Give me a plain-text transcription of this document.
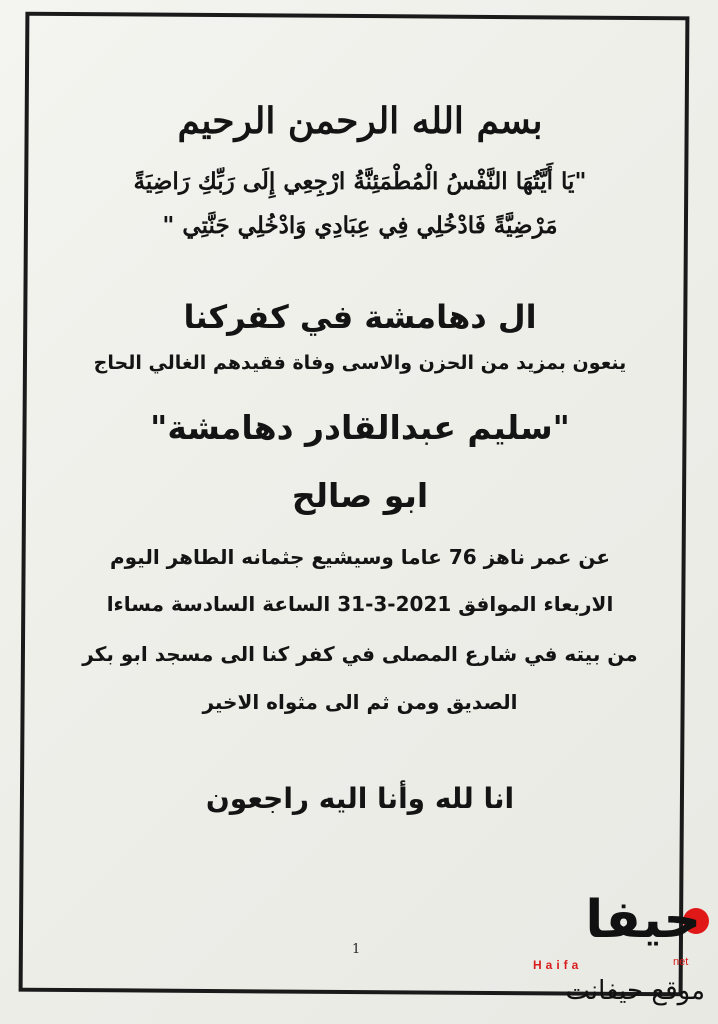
بسم الله الرحمن الرحيم

"يَا أَيَّتُهَا النَّفْسُ الْمُطْمَئِنَّةُ ارْجِعِي إِلَى رَبِّكِ رَاضِيَةً

مَرْضِيَّةً فَادْخُلِي فِي عِبَادِي وَادْخُلِي جَنَّتِي "

ال دهامشة في كفركنا

ينعون بمزيد من الحزن والاسى وفاة فقيدهم الغالي الحاج

"سليم عبدالقادر دهامشة"

ابو صالح

عن عمر ناهز 76 عاما وسيشيع جثمانه الطاهر اليوم

الاربعاء الموافق 2021-3-31 الساعة السادسة مساءا

من بيته في شارع المصلى في كفر كنا الى مسجد ابو بكر

الصديق ومن ثم الى مثواه الاخير

انا لله وأنا اليه راجعون

1	حيفا
Haifa	net
موقع حيفانت
